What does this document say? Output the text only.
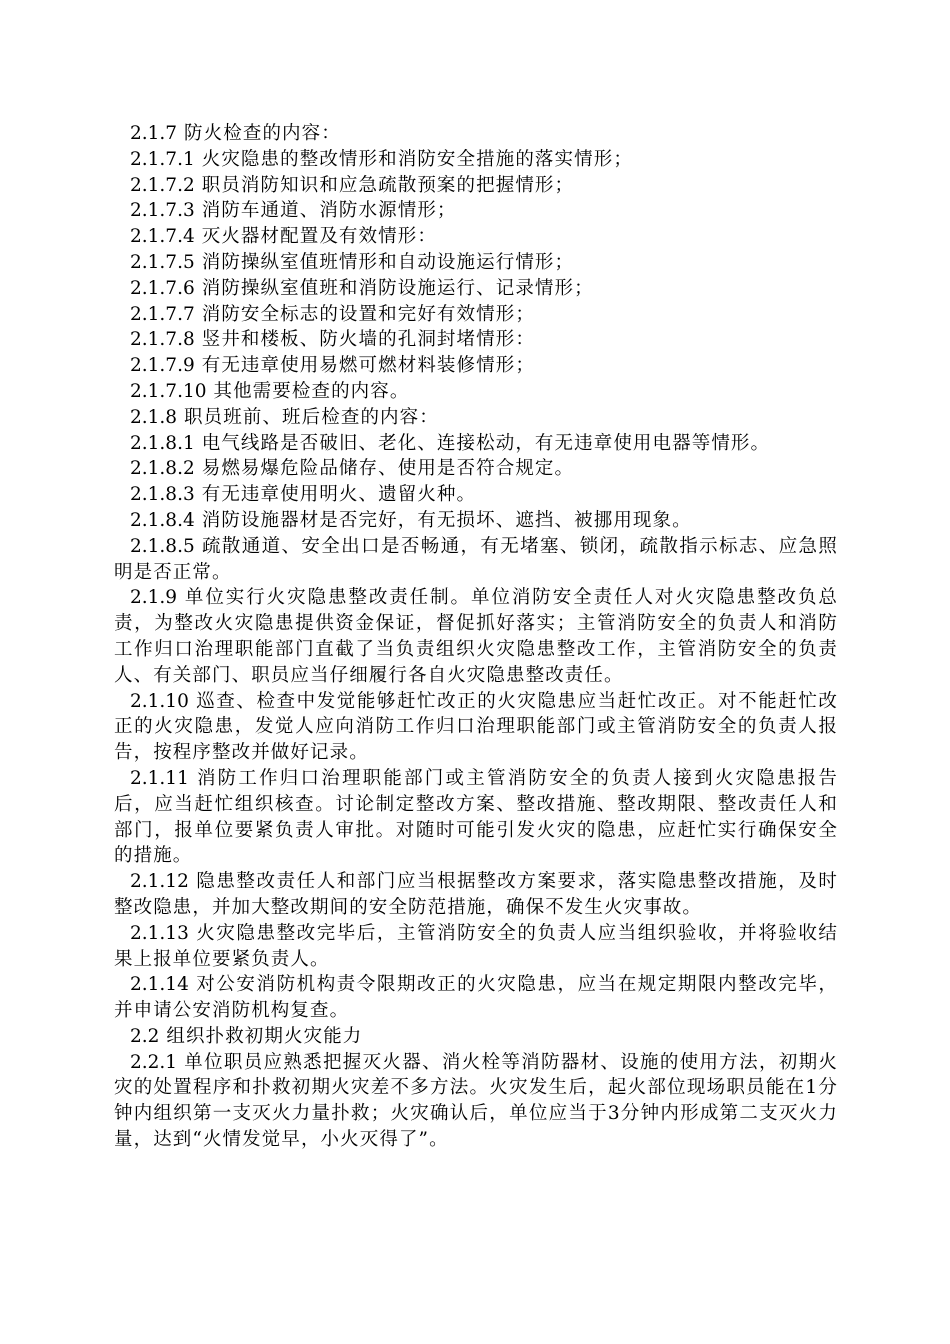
2.1.7 防火检查的内容：

2.1.7.1 火灾隐患的整改情形和消防安全措施的落实情形；

2.1.7.2 职员消防知识和应急疏散预案的把握情形；

2.1.7.3 消防车通道、消防水源情形；

2.1.7.4 灭火器材配置及有效情形：

2.1.7.5 消防操纵室值班情形和自动设施运行情形；

2.1.7.6 消防操纵室值班和消防设施运行、记录情形；

2.1.7.7 消防安全标志的设置和完好有效情形；

2.1.7.8 竖井和楼板、防火墙的孔洞封堵情形：

2.1.7.9 有无违章使用易燃可燃材料装修情形；

2.1.7.10 其他需要检查的内容。

2.1.8 职员班前、班后检查的内容：

2.1.8.1 电气线路是否破旧、老化、连接松动，有无违章使用电器等情形。

2.1.8.2 易燃易爆危险品储存、使用是否符合规定。

2.1.8.3 有无违章使用明火、遗留火种。

2.1.8.4 消防设施器材是否完好，有无损坏、遮挡、被挪用现象。

2.1.8.5 疏散通道、安全出口是否畅通，有无堵塞、锁闭，疏散指示标志、应急照明是否正常。

2.1.9 单位实行火灾隐患整改责任制。单位消防安全责任人对火灾隐患整改负总责，为整改火灾隐患提供资金保证，督促抓好落实；主管消防安全的负责人和消防工作归口治理职能部门直截了当负责组织火灾隐患整改工作，主管消防安全的负责人、有关部门、职员应当仔细履行各自火灾隐患整改责任。

2.1.10 巡查、检查中发觉能够赶忙改正的火灾隐患应当赶忙改正。对不能赶忙改正的火灾隐患，发觉人应向消防工作归口治理职能部门或主管消防安全的负责人报告，按程序整改并做好记录。

2.1.11 消防工作归口治理职能部门或主管消防安全的负责人接到火灾隐患报告后，应当赶忙组织核查。讨论制定整改方案、整改措施、整改期限、整改责任人和部门，报单位要紧负责人审批。对随时可能引发火灾的隐患，应赶忙实行确保安全的措施。

2.1.12 隐患整改责任人和部门应当根据整改方案要求，落实隐患整改措施，及时整改隐患，并加大整改期间的安全防范措施，确保不发生火灾事故。

2.1.13 火灾隐患整改完毕后，主管消防安全的负责人应当组织验收，并将验收结果上报单位要紧负责人。

2.1.14 对公安消防机构责令限期改正的火灾隐患，应当在规定期限内整改完毕，并申请公安消防机构复查。

2.2 组织扑救初期火灾能力

2.2.1 单位职员应熟悉把握灭火器、消火栓等消防器材、设施的使用方法，初期火灾的处置程序和扑救初期火灾差不多方法。火灾发生后，起火部位现场职员能在1分钟内组织第一支灭火力量扑救；火灾确认后，单位应当于3分钟内形成第二支灭火力量，达到“火情发觉早，小火灭得了”。
